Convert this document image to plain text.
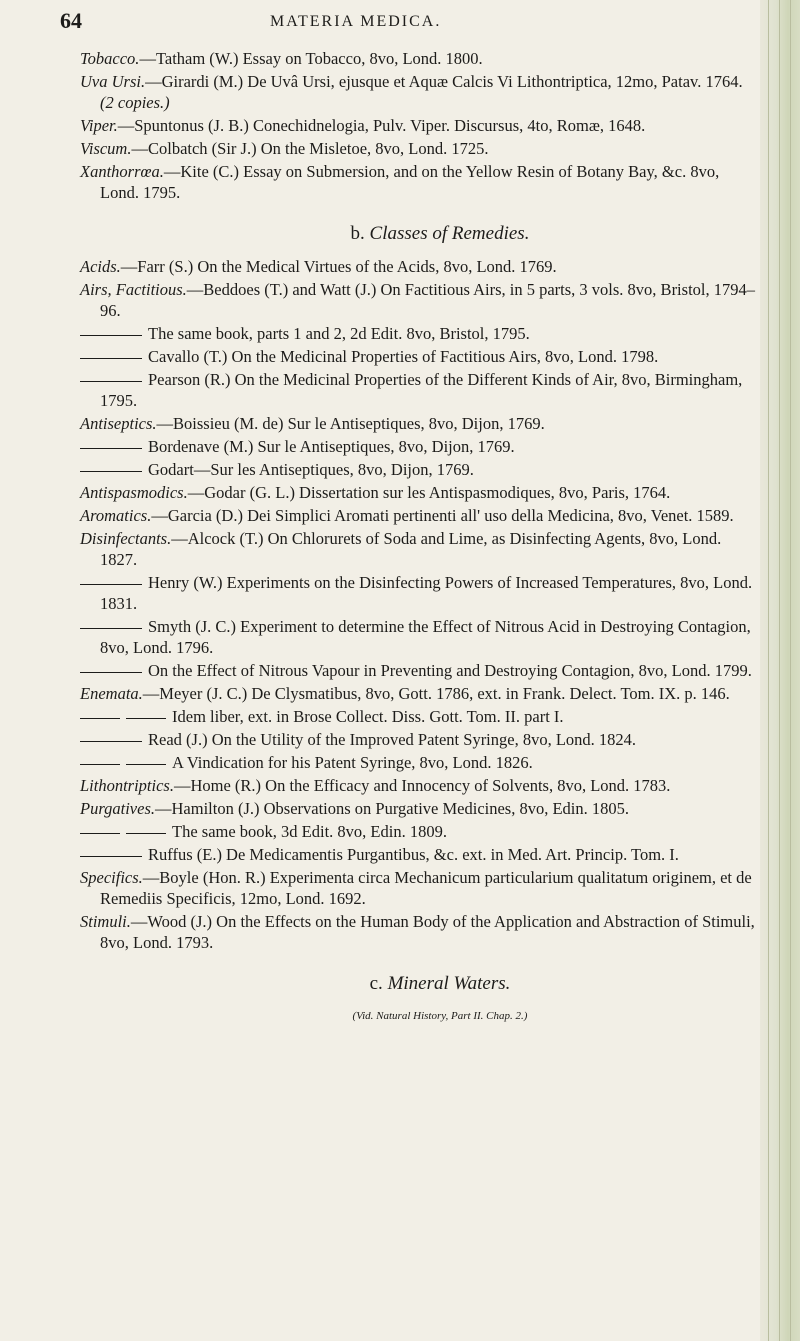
64	MATERIA MEDICA.
Tobacco.—Tatham (W.) Essay on Tobacco, 8vo, Lond. 1800.
Uva Ursi.—Girardi (M.) De Uvâ Ursi, ejusque et Aquæ Calcis Vi Lithontriptica, 12mo, Patav. 1764. (2 copies.)
Viper.—Spuntonus (J. B.) Conechidnelogia, Pulv. Viper. Discursus, 4to, Romæ, 1648.
Viscum.—Colbatch (Sir J.) On the Misletoe, 8vo, Lond. 1725.
Xanthorrœa.—Kite (C.) Essay on Submersion, and on the Yellow Resin of Botany Bay, &c. 8vo, Lond. 1795.
b. Classes of Remedies.
Acids.—Farr (S.) On the Medical Virtues of the Acids, 8vo, Lond. 1769.
Airs, Factitious.—Beddoes (T.) and Watt (J.) On Factitious Airs, in 5 parts, 3 vols. 8vo, Bristol, 1794–96.
The same book, parts 1 and 2, 2d Edit. 8vo, Bristol, 1795.
Cavallo (T.) On the Medicinal Properties of Factitious Airs, 8vo, Lond. 1798.
Pearson (R.) On the Medicinal Properties of the Different Kinds of Air, 8vo, Birmingham, 1795.
Antiseptics.—Boissieu (M. de) Sur le Antiseptiques, 8vo, Dijon, 1769.
Bordenave (M.) Sur le Antiseptiques, 8vo, Dijon, 1769.
Godart—Sur les Antiseptiques, 8vo, Dijon, 1769.
Antispasmodics.—Godar (G. L.) Dissertation sur les Antispasmodiques, 8vo, Paris, 1764.
Aromatics.—Garcia (D.) Dei Simplici Aromati pertinenti all' uso della Medicina, 8vo, Venet. 1589.
Disinfectants.—Alcock (T.) On Chlorurets of Soda and Lime, as Disinfecting Agents, 8vo, Lond. 1827.
Henry (W.) Experiments on the Disinfecting Powers of Increased Temperatures, 8vo, Lond. 1831.
Smyth (J. C.) Experiment to determine the Effect of Nitrous Acid in Destroying Contagion, 8vo, Lond. 1796.
On the Effect of Nitrous Vapour in Preventing and Destroying Contagion, 8vo, Lond. 1799.
Enemata.—Meyer (J. C.) De Clysmatibus, 8vo, Gott. 1786, ext. in Frank. Delect. Tom. IX. p. 146.
Idem liber, ext. in Brose Collect. Diss. Gott. Tom. II. part I.
Read (J.) On the Utility of the Improved Patent Syringe, 8vo, Lond. 1824.
A Vindication for his Patent Syringe, 8vo, Lond. 1826.
Lithontriptics.—Home (R.) On the Efficacy and Innocency of Solvents, 8vo, Lond. 1783.
Purgatives.—Hamilton (J.) Observations on Purgative Medicines, 8vo, Edin. 1805.
The same book, 3d Edit. 8vo, Edin. 1809.
Ruffus (E.) De Medicamentis Purgantibus, &c. ext. in Med. Art. Princip. Tom. I.
Specifics.—Boyle (Hon. R.) Experimenta circa Mechanicum particularium qualitatum originem, et de Remediis Specificis, 12mo, Lond. 1692.
Stimuli.—Wood (J.) On the Effects on the Human Body of the Application and Abstraction of Stimuli, 8vo, Lond. 1793.
c. Mineral Waters.
(Vid. Natural History, Part II. Chap. 2.)
